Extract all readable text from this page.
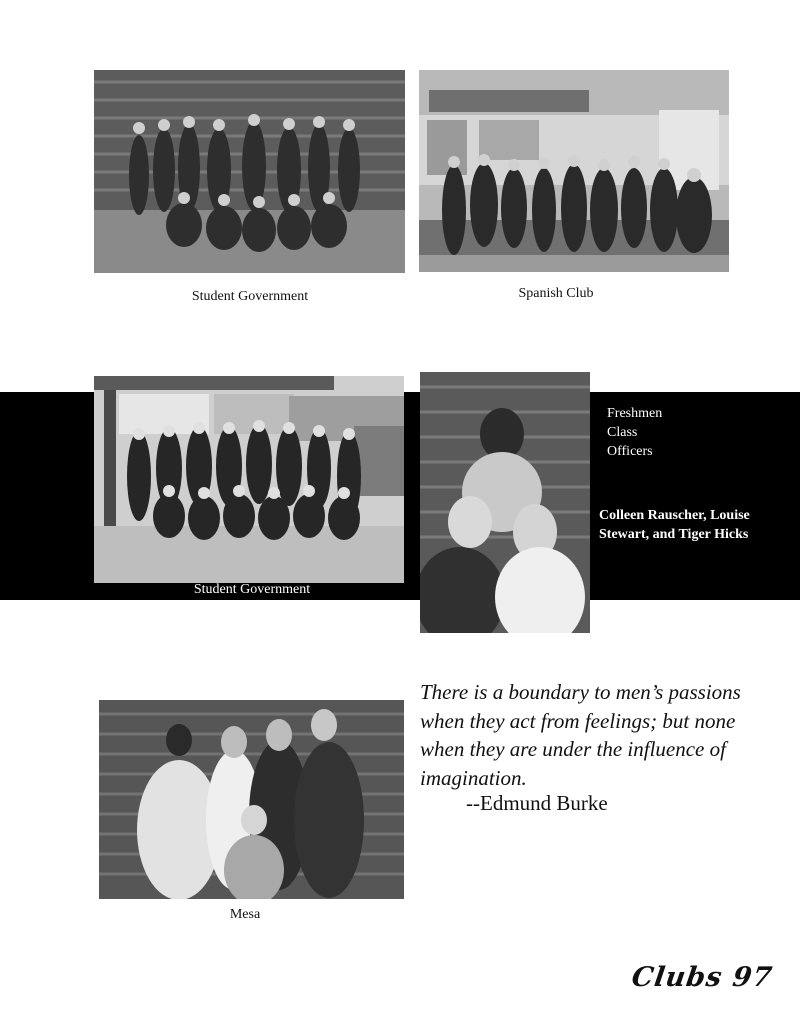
Student Government	Spanish Club
Student Government
Freshmen
Class
Officers
Colleen Rauscher, Louise Stewart, and Tiger Hicks
Mesa
There is a boundary to men’s passions when they act from feelings; but none when they are under the influence of imagination.
--Edmund Burke
Clubs 97
